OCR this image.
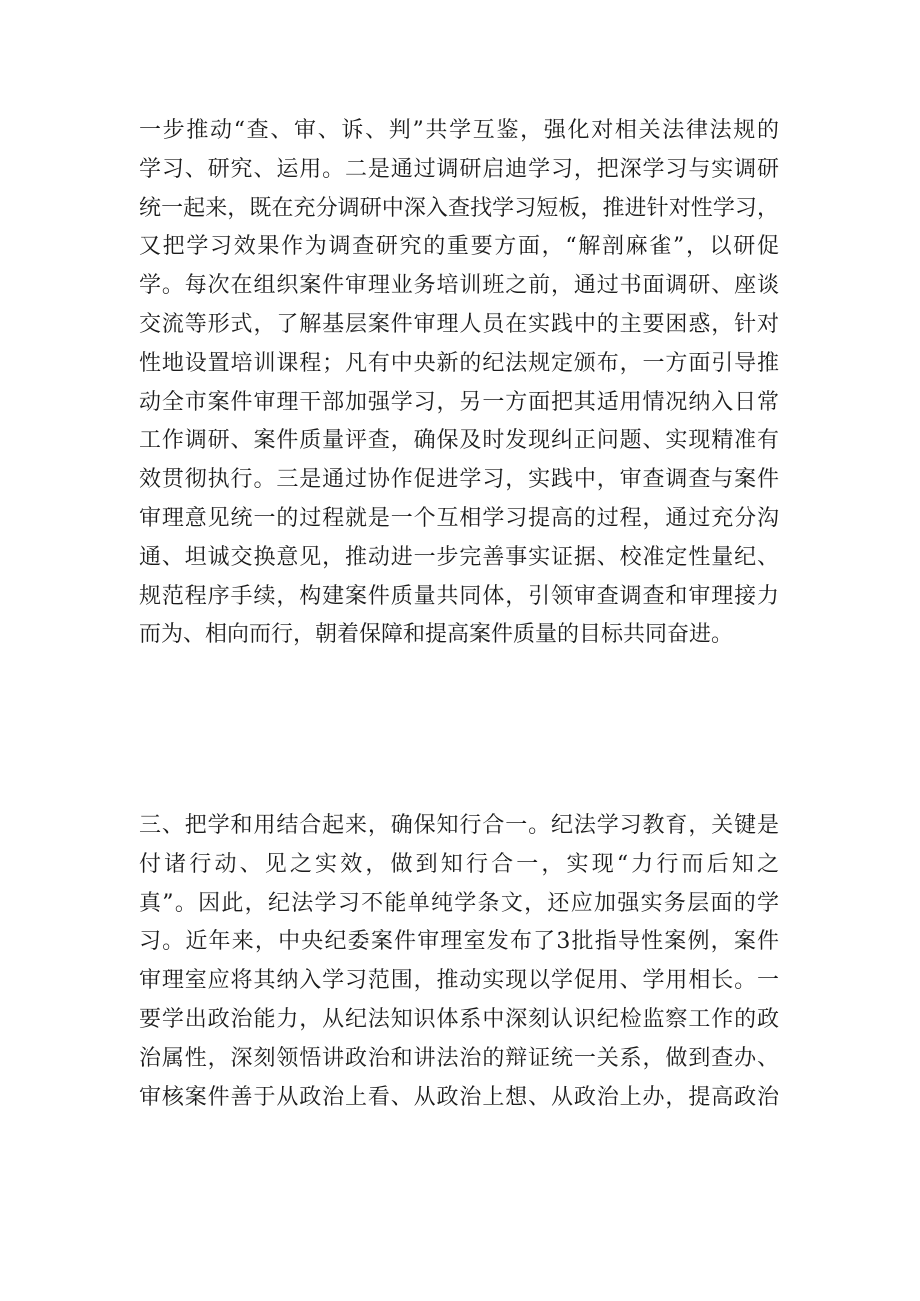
一步推动“查、审、诉、判”共学互鉴，强化对相关法律法规的
学习、研究、运用。二是通过调研启迪学习，把深学习与实调研
统一起来，既在充分调研中深入查找学习短板，推进针对性学习，
又把学习效果作为调查研究的重要方面，“解剖麻雀”，以研促
学。每次在组织案件审理业务培训班之前，通过书面调研、座谈
交流等形式，了解基层案件审理人员在实践中的主要困惑，针对
性地设置培训课程；凡有中央新的纪法规定颁布，一方面引导推
动全市案件审理干部加强学习，另一方面把其适用情况纳入日常
工作调研、案件质量评查，确保及时发现纠正问题、实现精准有
效贯彻执行。三是通过协作促进学习，实践中，审查调查与案件
审理意见统一的过程就是一个互相学习提高的过程，通过充分沟
通、坦诚交换意见，推动进一步完善事实证据、校准定性量纪、
规范程序手续，构建案件质量共同体，引领审查调查和审理接力
而为、相向而行，朝着保障和提高案件质量的目标共同奋进。
三、把学和用结合起来，确保知行合一。纪法学习教育，关键是
付诸行动、见之实效，做到知行合一，实现“力行而后知之
真”。因此，纪法学习不能单纯学条文，还应加强实务层面的学
习。近年来，中央纪委案件审理室发布了3批指导性案例，案件
审理室应将其纳入学习范围，推动实现以学促用、学用相长。一
要学出政治能力，从纪法知识体系中深刻认识纪检监察工作的政
治属性，深刻领悟讲政治和讲法治的辩证统一关系，做到查办、
审核案件善于从政治上看、从政治上想、从政治上办，提高政治
